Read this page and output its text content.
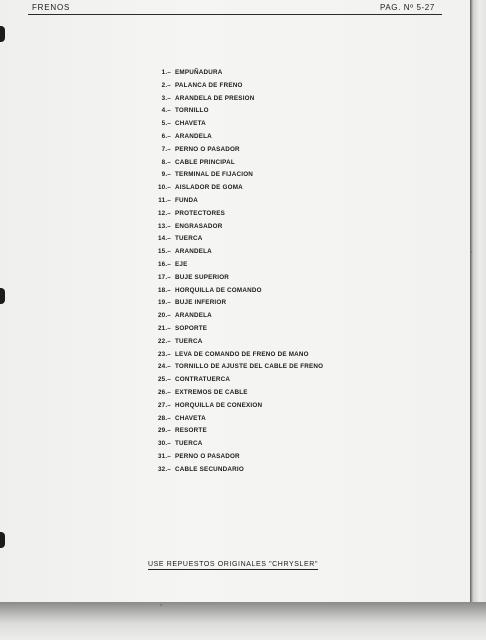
FRENOS	PAG. Nº 5-27
1.– EMPUÑADURA
2.– PALANCA DE FRENO
3.– ARANDELA DE PRESION
4.– TORNILLO
5.– CHAVETA
6.– ARANDELA
7.– PERNO O PASADOR
8.– CABLE PRINCIPAL
9.– TERMINAL DE FIJACION
10.– AISLADOR DE GOMA
11.– FUNDA
12.– PROTECTORES
13.– ENGRASADOR
14.– TUERCA
15.– ARANDELA
16.– EJE
17.– BUJE SUPERIOR
18.– HORQUILLA DE COMANDO
19.– BUJE INFERIOR
20.– ARANDELA
21.– SOPORTE
22.– TUERCA
23.– LEVA DE COMANDO DE FRENO DE MANO
24.– TORNILLO DE AJUSTE DEL CABLE DE FRENO
25.– CONTRATUERCA
26.– EXTREMOS DE CABLE
27.– HORQUILLA DE CONEXION
28.– CHAVETA
29.– RESORTE
30.– TUERCA
31.– PERNO O PASADOR
32.– CABLE SECUNDARIO
USE REPUESTOS ORIGINALES "CHRYSLER"
